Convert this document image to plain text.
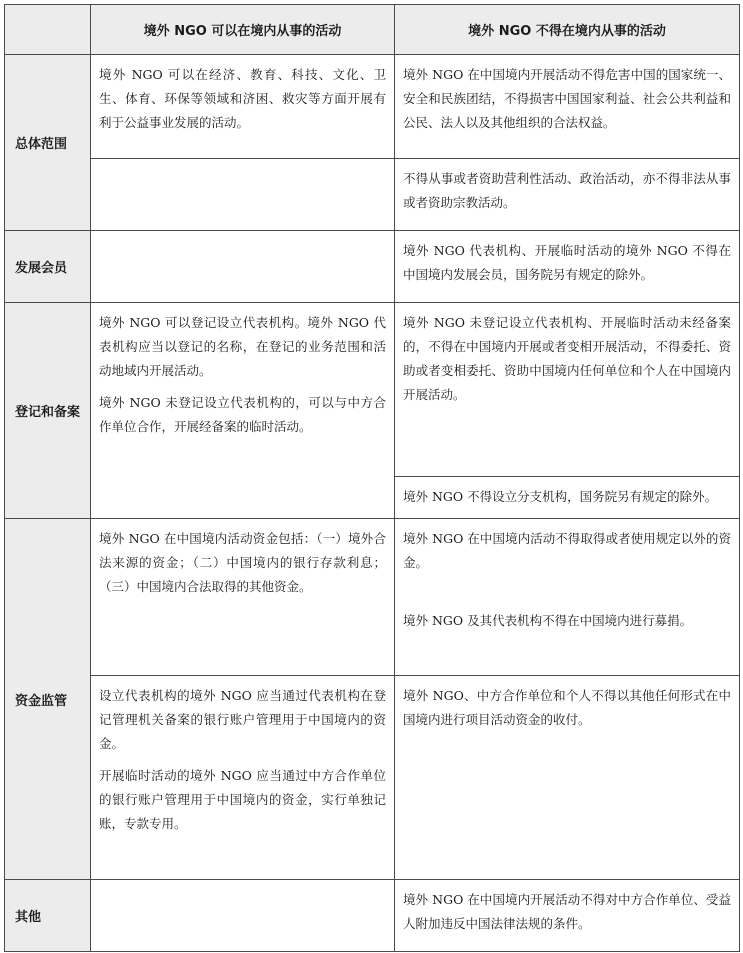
	境外 NGO 可以在境内从事的活动	境外 NGO 不得在境内从事的活动
总体范围	境外 NGO 可以在经济、教育、科技、文化、卫生、体育、环保等领域和济困、救灾等方面开展有利于公益事业发展的活动。	境外 NGO 在中国境内开展活动不得危害中国的国家统一、安全和民族团结，不得损害中国国家利益、社会公共利益和公民、法人以及其他组织的合法权益。

		不得从事或者资助营利性活动、政治活动，亦不得非法从事或者资助宗教活动。

发展会员		境外 NGO 代表机构、开展临时活动的境外 NGO 不得在中国境内发展会员，国务院另有规定的除外。

登记和备案	境外 NGO 可以登记设立代表机构。境外 NGO 代表机构应当以登记的名称，在登记的业务范围和活动地域内开展活动。

境外 NGO 未登记设立代表机构的，可以与中方合作单位合作，开展经备案的临时活动。	境外 NGO 未登记设立代表机构、开展临时活动未经备案的，不得在中国境内开展或者变相开展活动，不得委托、资助或者变相委托、资助中国境内任何单位和个人在中国境内开展活动。

		境外 NGO 不得设立分支机构，国务院另有规定的除外。

资金监管	境外 NGO 在中国境内活动资金包括：（一）境外合法来源的资金；（二）中国境内的银行存款利息；（三）中国境内合法取得的其他资金。	境外 NGO 在中国境内活动不得取得或者使用规定以外的资金。

境外 NGO 及其代表机构不得在中国境内进行募捐。

	设立代表机构的境外 NGO 应当通过代表机构在登记管理机关备案的银行账户管理用于中国境内的资金。

开展临时活动的境外 NGO 应当通过中方合作单位的银行账户管理用于中国境内的资金，实行单独记账，专款专用。	境外 NGO、中方合作单位和个人不得以其他任何形式在中国境内进行项目活动资金的收付。

其他		境外 NGO 在中国境内开展活动不得对中方合作单位、受益人附加违反中国法律法规的条件。
